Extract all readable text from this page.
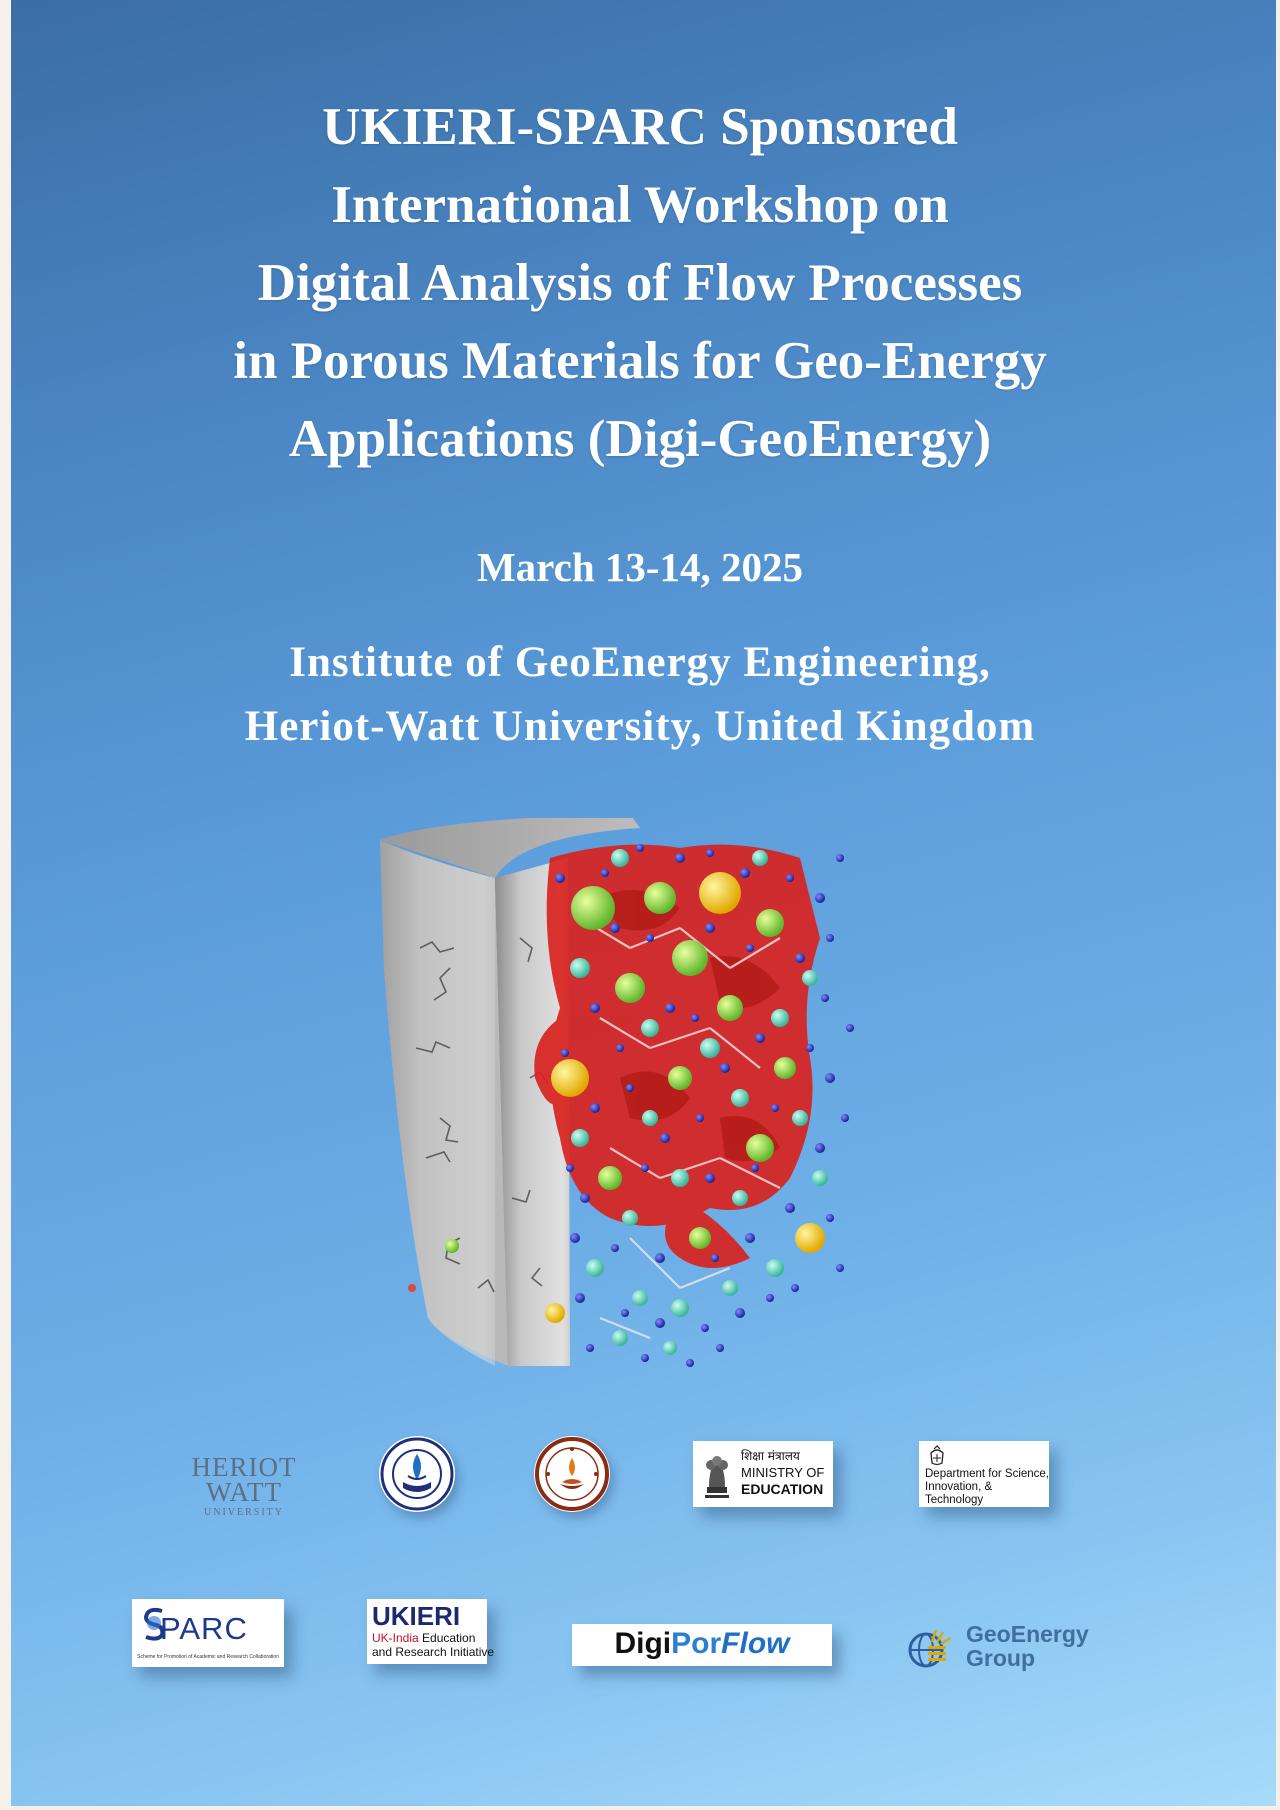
UKIERI-SPARC Sponsored
International Workshop on
Digital Analysis of Flow Processes
in Porous Materials for Geo-Energy
Applications (Digi-GeoEnergy)
March 13-14, 2025
Institute of GeoEnergy Engineering,
Heriot-Watt University, United Kingdom
HERIOT
WATT
UNIVERSITY
शिक्षा मंत्रालय
MINISTRY OF
EDUCATION
Department for Science, Innovation, & Technology
PARC
Scheme for Promotion of Academic and Research Collaboration
UKIERI
UK-India Education
and Research Initiative	DigiPorFlow	GeoEnergy
Group
